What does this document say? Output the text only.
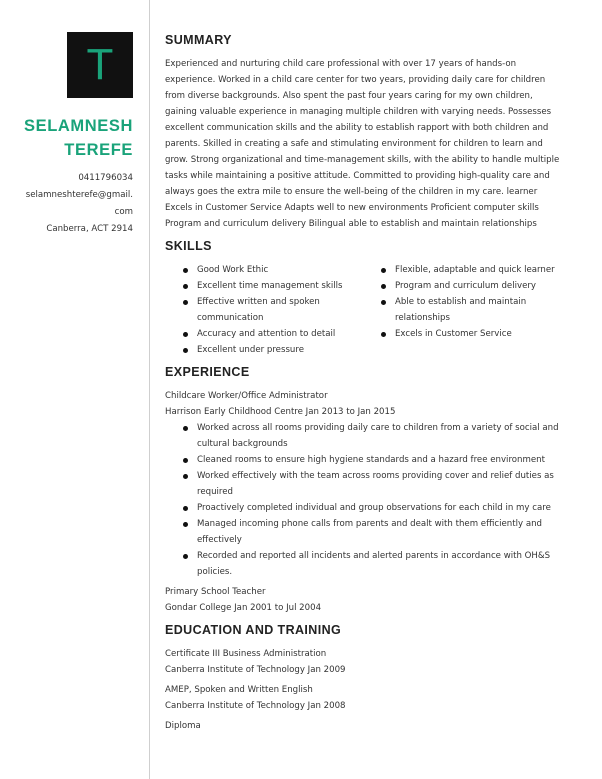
T
SELAMNESH
TEREFE
0411796034
selamneshterefe@gmail.com
Canberra, ACT 2914
SUMMARY

Experienced and nurturing child care professional with over 17 years of hands-on experience. Worked in a child care center for two years, providing daily care for children from diverse backgrounds. Also spent the past four years caring for my own children, gaining valuable experience in managing multiple children with varying needs. Possesses excellent communication skills and the ability to establish rapport with both children and parents. Skilled in creating a safe and stimulating environment for children to learn and grow. Strong organizational and time-management skills, with the ability to handle multiple tasks while maintaining a positive attitude. Committed to providing high-quality care and always goes the extra mile to ensure the well-being of the children in my care. learner Excels in Customer Service Adapts well to new environments Proficient computer skills Program and curriculum delivery Bilingual able to establish and maintain relationships

SKILLS
Good Work Ethic
Excellent time management skills
Effective written and spoken communication
Accuracy and attention to detail
Excellent under pressure
Flexible, adaptable and quick learner
Program and curriculum delivery
Able to establish and maintain relationships
Excels in Customer Service
EXPERIENCE

Childcare Worker/Office Administrator

Harrison Early Childhood Centre Jan 2013 to Jan 2015

Worked across all rooms providing daily care to children from a variety of social and cultural backgrounds
Cleaned rooms to ensure high hygiene standards and a hazard free environment
Worked effectively with the team across rooms providing cover and relief duties as required
Proactively completed individual and group observations for each child in my care
Managed incoming phone calls from parents and dealt with them efficiently and effectively
Recorded and reported all incidents and alerted parents in accordance with OH&S policies.

Primary School Teacher

Gondar College Jan 2001 to Jul 2004

EDUCATION AND TRAINING

Certificate III Business Administration

Canberra Institute of Technology Jan 2009

AMEP, Spoken and Written English

Canberra Institute of Technology Jan 2008

Diploma
